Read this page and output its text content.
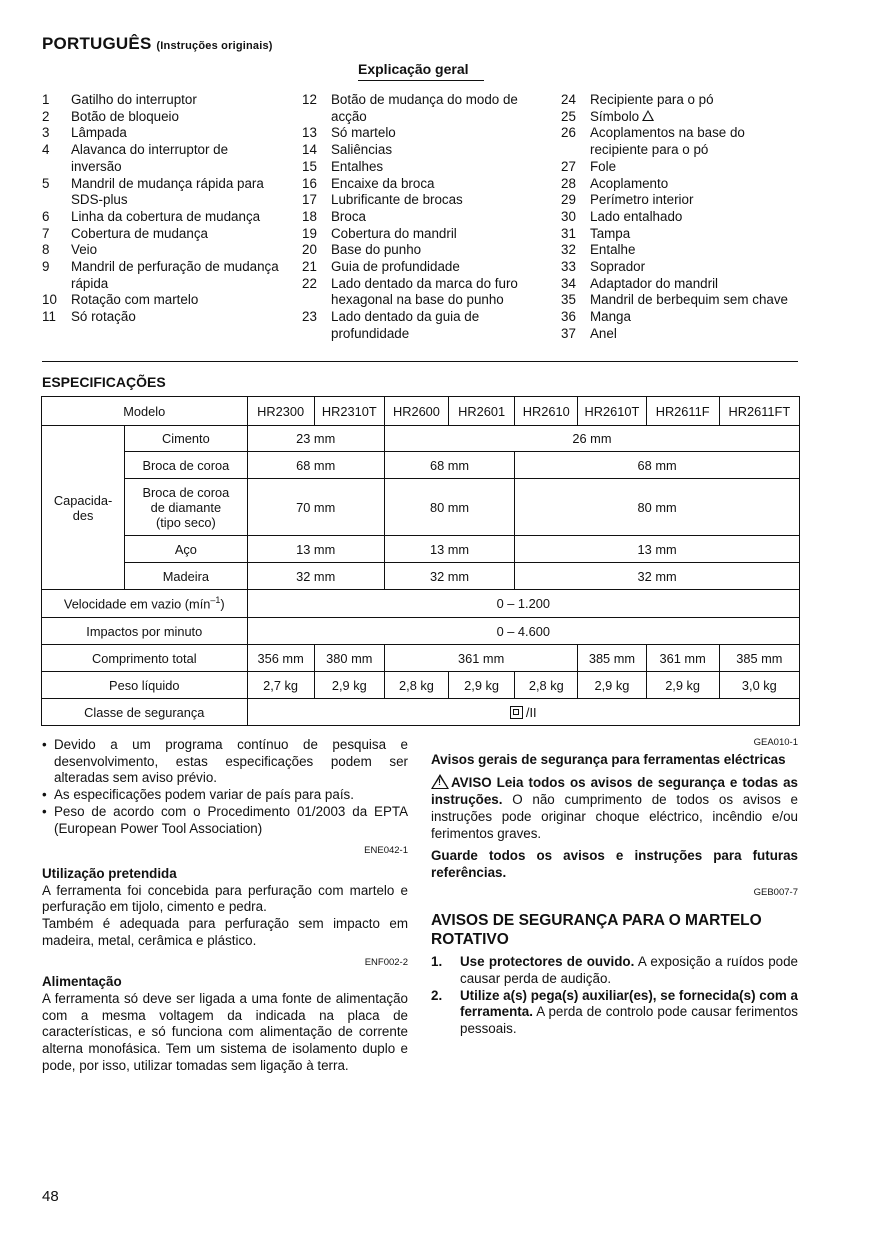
PORTUGUÊS (Instruções originais)
Explicação geral
1	Gatilho do interruptor
2	Botão de bloqueio
3	Lâmpada
4	Alavanca do interruptor de inversão
5	Mandril de mudança rápida para SDS-plus
6	Linha da cobertura de mudança
7	Cobertura de mudança
8	Veio
9	Mandril de perfuração de mudança rápida
10	Rotação com martelo
11	Só rotação
12	Botão de mudança do modo de acção
13	Só martelo
14	Saliências
15	Entalhes
16	Encaixe da broca
17	Lubrificante de brocas
18	Broca
19	Cobertura do mandril
20	Base do punho
21	Guia de profundidade
22	Lado dentado da marca do furo hexagonal na base do punho
23	Lado dentado da guia de profundidade
24	Recipiente para o pó
25	Símbolo
26	Acoplamentos na base do recipiente para o pó
27	Fole
28	Acoplamento
29	Perímetro interior
30	Lado entalhado
31	Tampa
32	Entalhe
33	Soprador
34	Adaptador do mandril
35	Mandril de berbequim sem chave
36	Manga
37	Anel
ESPECIFICAÇÕES
Modelo		HR2300	HR2310T	HR2600	HR2601	HR2610	HR2610T	HR2611F	HR2611FT
Capacida-
des	Cimento	23 mm		26 mm					
	Broca de coroa	68 mm		68 mm		68 mm			
	Broca de coroa de diamante (tipo seco)	70 mm		80 mm		80 mm			
	Aço	13 mm		13 mm		13 mm			
	Madeira	32 mm		32 mm		32 mm			
Velocidade em vazio (mín$^{-1}$)		0 – 1.200							
Impactos por minuto		0 – 4.600							
Comprimento total		356 mm	380 mm	361 mm			385 mm	361 mm	385 mm
Peso líquido		2,7 kg	2,9 kg	2,8 kg	2,9 kg	2,8 kg	2,9 kg	2,9 kg	3,0 kg
Classe de segurança		/II							
• Devido a um programa contínuo de pesquisa e desenvolvimento, estas especificações podem ser alteradas sem aviso prévio.
• As especificações podem variar de país para país.
• Peso de acordo com o Procedimento 01/2003 da EPTA (European Power Tool Association)
ENE042-1
Utilização pretendida
A ferramenta foi concebida para perfuração com martelo e perfuração em tijolo, cimento e pedra.
Também é adequada para perfuração sem impacto em madeira, metal, cerâmica e plástico.
ENF002-2
Alimentação
A ferramenta só deve ser ligada a uma fonte de alimentação com a mesma voltagem da indicada na placa de características, e só funciona com alimentação de corrente alterna monofásica. Tem um sistema de isolamento duplo e pode, por isso, utilizar tomadas sem ligação à terra.
GEA010-1
Avisos gerais de segurança para ferramentas eléctricas
! AVISO Leia todos os avisos de segurança e todas as instruções. O não cumprimento de todos os avisos e instruções pode originar choque eléctrico, incêndio e/ou ferimentos graves.
Guarde todos os avisos e instruções para futuras referências.
GEB007-7
AVISOS DE SEGURANÇA PARA O MARTELO ROTATIVO
1.	Use protectores de ouvido. A exposição a ruídos pode causar perda de audição.
2.	Utilize a(s) pega(s) auxiliar(es), se fornecida(s) com a ferramenta. A perda de controlo pode causar ferimentos pessoais.
48
